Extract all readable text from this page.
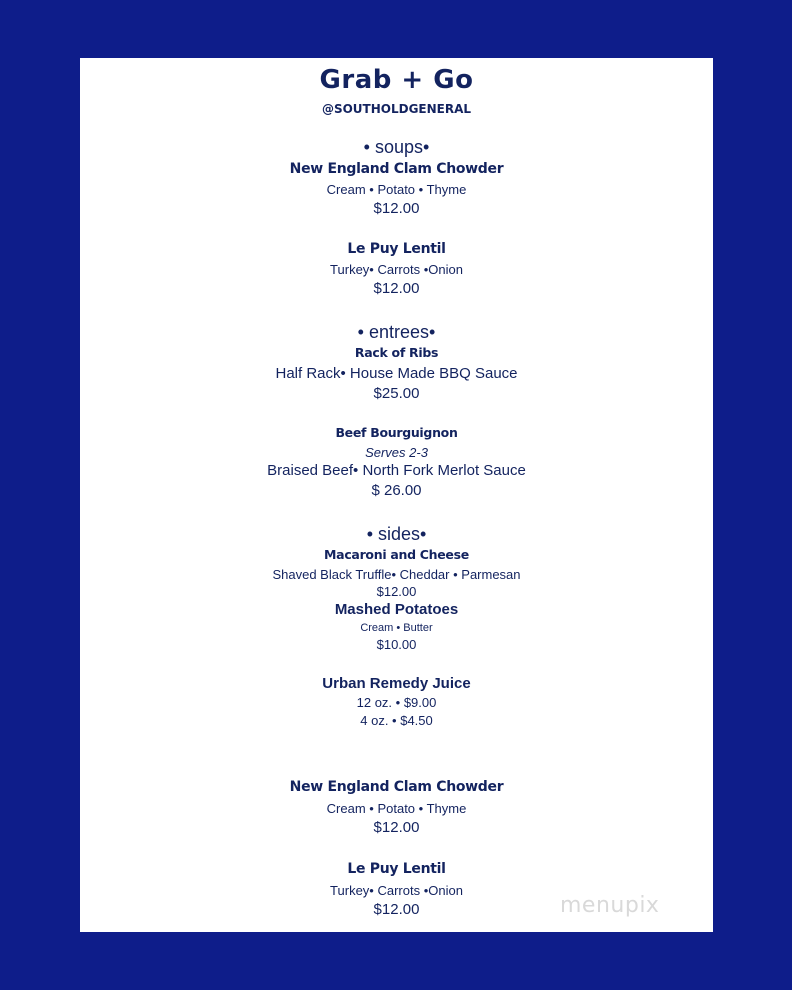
Grab + Go
@SOUTHOLDGENERAL
• soups•
New England Clam Chowder
Cream • Potato • Thyme
$12.00
Le Puy Lentil
Turkey• Carrots •Onion
$12.00
• entrees•
Rack of Ribs
Half Rack• House Made BBQ Sauce
$25.00
Beef Bourguignon
Serves 2-3
Braised Beef• North Fork Merlot Sauce
$ 26.00
• sides•
Macaroni and Cheese
Shaved Black Truffle• Cheddar • Parmesan
$12.00
Mashed Potatoes
Cream • Butter
$10.00
Urban Remedy Juice
12 oz. • $9.00
4 oz. • $4.50
New England Clam Chowder
Cream • Potato • Thyme
$12.00
Le Puy Lentil
Turkey• Carrots •Onion
$12.00	menupix
